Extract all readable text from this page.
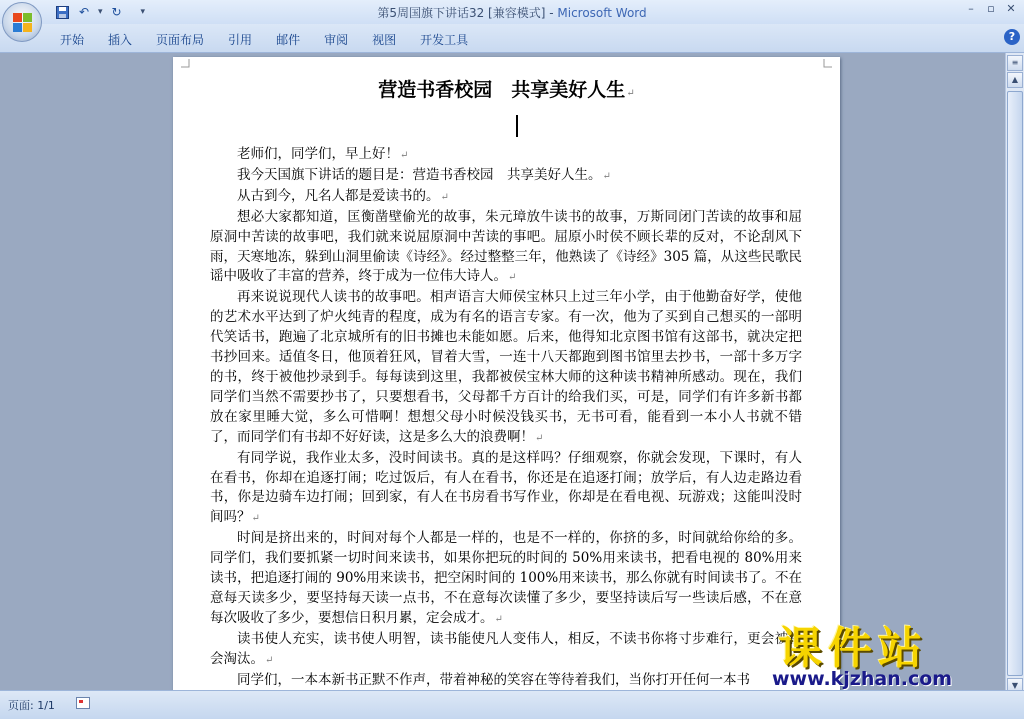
↶ ▾ ↻	▾	第5周国旗下讲话32 [兼容模式] - Microsoft Word	–	▫	✕
开始	插入	页面布局	引用	邮件	审阅	视图	开发工具	?
营造书香校园　共享美好人生↵

老师们，同学们，早上好！↵

我今天国旗下讲话的题目是：营造书香校园　共享美好人生。↵

从古到今，凡名人都是爱读书的。↵

想必大家都知道，匡衡凿壁偷光的故事，朱元璋放牛读书的故事，万斯同闭门苦读的故事和屈原洞中苦读的故事吧，我们就来说屈原洞中苦读的事吧。屈原小时侯不顾长辈的反对，不论刮风下雨，天寒地冻，躲到山洞里偷读《诗经》。经过整整三年，他熟读了《诗经》305 篇，从这些民歌民谣中吸收了丰富的营养，终于成为一位伟大诗人。↵

再来说说现代人读书的故事吧。相声语言大师侯宝林只上过三年小学，由于他勤奋好学，使他的艺术水平达到了炉火纯青的程度，成为有名的语言专家。有一次，他为了买到自己想买的一部明代笑话书，跑遍了北京城所有的旧书摊也未能如愿。后来，他得知北京图书馆有这部书，就决定把书抄回来。适值冬日，他顶着狂风，冒着大雪，一连十八天都跑到图书馆里去抄书，一部十多万字的书，终于被他抄录到手。每每读到这里，我都被侯宝林大师的这种读书精神所感动。现在，我们同学们当然不需要抄书了，只要想看书，父母都千方百计的给我们买，可是，同学们有许多新书都放在家里睡大觉，多么可惜啊！想想父母小时候没钱买书，无书可看，能看到一本小人书就不错了，而同学们有书却不好好读，这是多么大的浪费啊！↵

有同学说，我作业太多，没时间读书。真的是这样吗？仔细观察，你就会发现，下课时，有人在看书，你却在追逐打闹；吃过饭后，有人在看书，你还是在追逐打闹；放学后，有人边走路边看书，你是边骑车边打闹；回到家，有人在书房看书写作业，你却是在看电视、玩游戏；这能叫没时间吗？↵

时间是挤出来的，时间对每个人都是一样的，也是不一样的，你挤的多，时间就给你给的多。同学们，我们要抓紧一切时间来读书，如果你把玩的时间的 50%用来读书，把看电视的 80%用来读书，把追逐打闹的 90%用来读书，把空闲时间的 100%用来读书，那么你就有时间读书了。不在意每天读多少，要坚持每天读一点书，不在意每次读懂了多少，要坚持读后写一些读后感，不在意每次吸收了多少，要想信日积月累，定会成才。↵

读书使人充实，读书使人明智，读书能使凡人变伟人，相反，不读书你将寸步难行，更会被社会淘汰。↵

同学们，一本本新书正默不作声，带着神秘的笑容在等待着我们，当你打开任何一本书

≡
▲
▼
页面: 1/1
课件站
www.kjzhan.com
